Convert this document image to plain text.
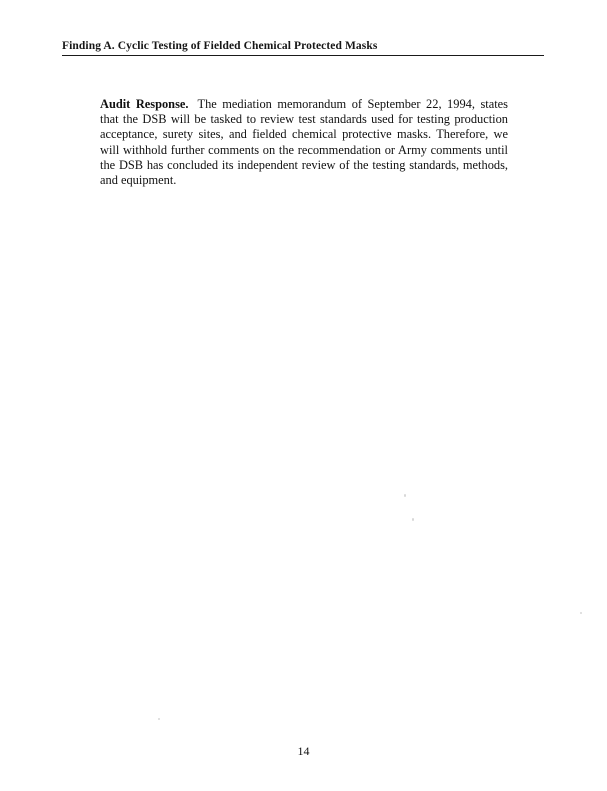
Finding A. Cyclic Testing of Fielded Chemical Protected Masks

Audit Response. The mediation memorandum of September 22, 1994, states that the DSB will be tasked to review test standards used for testing production acceptance, surety sites, and fielded chemical protective masks. Therefore, we will withhold further comments on the recommendation or Army comments until the DSB has concluded its independent review of the testing standards, methods, and equipment.

14
